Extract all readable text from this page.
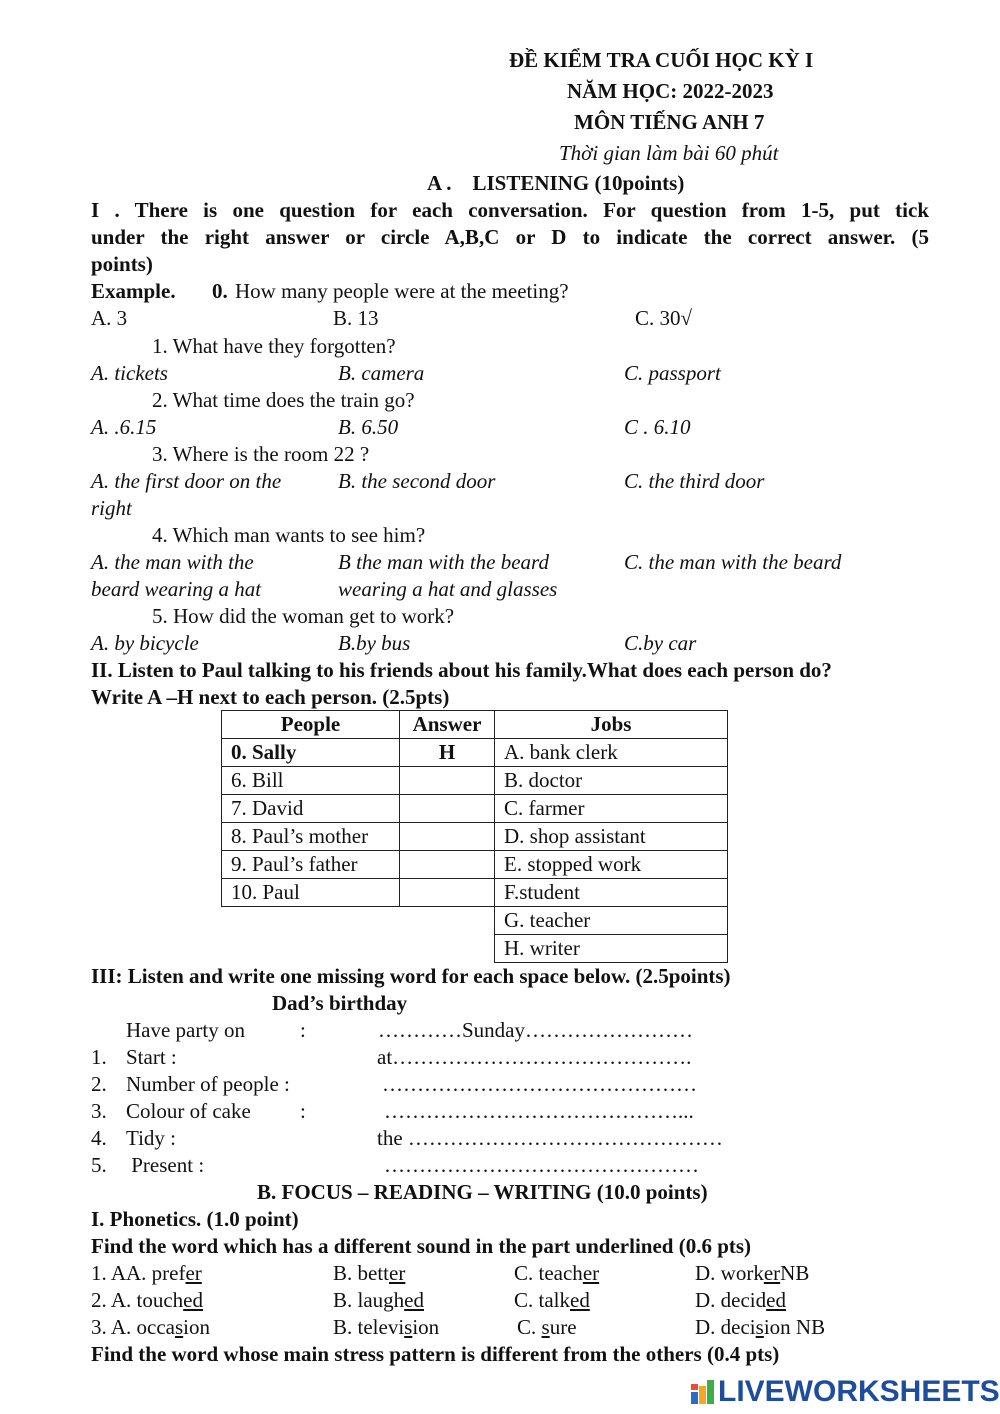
ĐỀ KIỂM TRA CUỐI HỌC KỲ I
NĂM HỌC: 2022-2023
MÔN TIẾNG ANH 7
Thời gian làm bài 60 phút
A .    LISTENING (10points)
I . There is one question for each conversation. For question from 1-5, put tick
under the right answer or circle A,B,C or D to indicate the correct answer. (5
points)
Example. 0. How many people were at the meeting?
A. 3	B. 13	C. 30√
1. What have they forgotten?
A. tickets	B. camera	C. passport
2. What time does the train go?
A. .6.15	B. 6.50	C . 6.10
3. Where is the room 22 ?
A. the first door on the
right
B. the second door	C. the third door
4. Which man wants to see him?
A. the man with the
beard wearing a hat
B the man with the beard
wearing a hat and glasses
C. the man with the beard
5. How did the woman get to work?
A. by bicycle	B.by bus	C.by car
II. Listen to Paul talking to his friends about his family.What does each person do?
Write A –H next to each person. (2.5pts)
People	Answer	Jobs
0. Sally	H	A. bank clerk
6. Bill		B. doctor
7. David		C. farmer
8. Paul’s mother		D. shop assistant
9. Paul’s father		E. stopped work
10. Paul		F.student
		G. teacher
		H. writer
III: Listen and write one missing word for each space below. (2.5points)
Dad’s birthday
Have party on	:	…………Sunday……………………
1. Start :	at…………………………………….
2. Number of people :	………………………………………
3. Colour of cake :	……………………………………...
4. Tidy :	the ………………………………………
5. Present :	………………………………………
B. FOCUS – READING – WRITING (10.0 points)
I. Phonetics. (1.0 point)
Find the word which has a different sound in the part underlined (0.6 pts)
1. AA. prefer	B. better	C. teacher	D. workerNB
2. A. touched	B. laughed	C. talked	D. decided
3. A. occasion	B. television	C. sure	D. decision NB
Find the word whose main stress pattern is different from the others (0.4 pts)
LIVEWORKSHEETS
